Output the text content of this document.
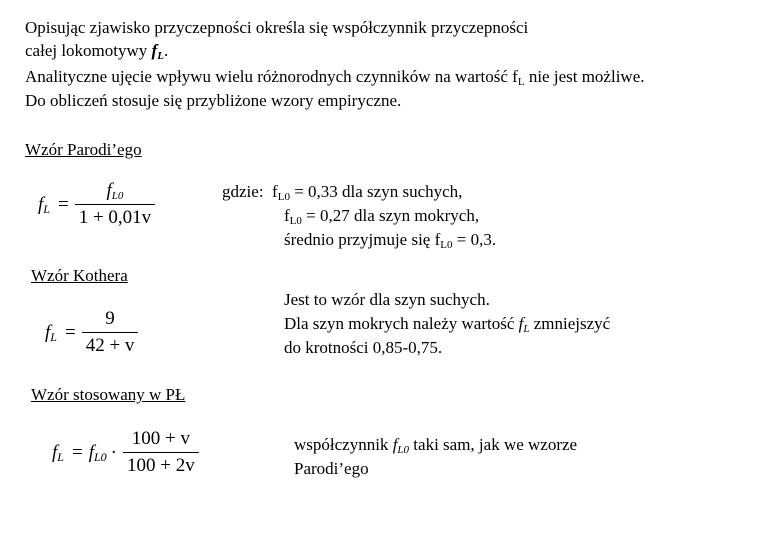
Opisując zjawisko przyczepności określa się współczynnik przyczepności
całej lokomotywy $f_L$.
Analityczne ujęcie wpływu wielu różnorodnych czynników na wartość $f_L$ nie jest możliwe.
Do obliczeń stosuje się przybliżone wzory empiryczne.
Wzór Parodi’ego
$f_L = \frac{f_{L0}}{1 + 0,01v}$	gdzie: $f_{L0} = 0,33$ dla szyn suchych,
$f_{L0} = 0,27$ dla szyn mokrych,
średnio przyjmuje się $f_{L0} = 0,3$.
Wzór Kothera
$f_L = \frac{9}{42 + v}$
Jest to wzór dla szyn suchych.
Dla szyn mokrych należy wartość $f_L$ zmniejszyć
do krotności 0,85-0,75.
Wzór stosowany w PŁ
$f_L = f_{L0} \cdot \frac{100 + v}{100 + 2v}$	współczynnik $f_{L0}$ taki sam, jak we wzorze
Parodi’ego
